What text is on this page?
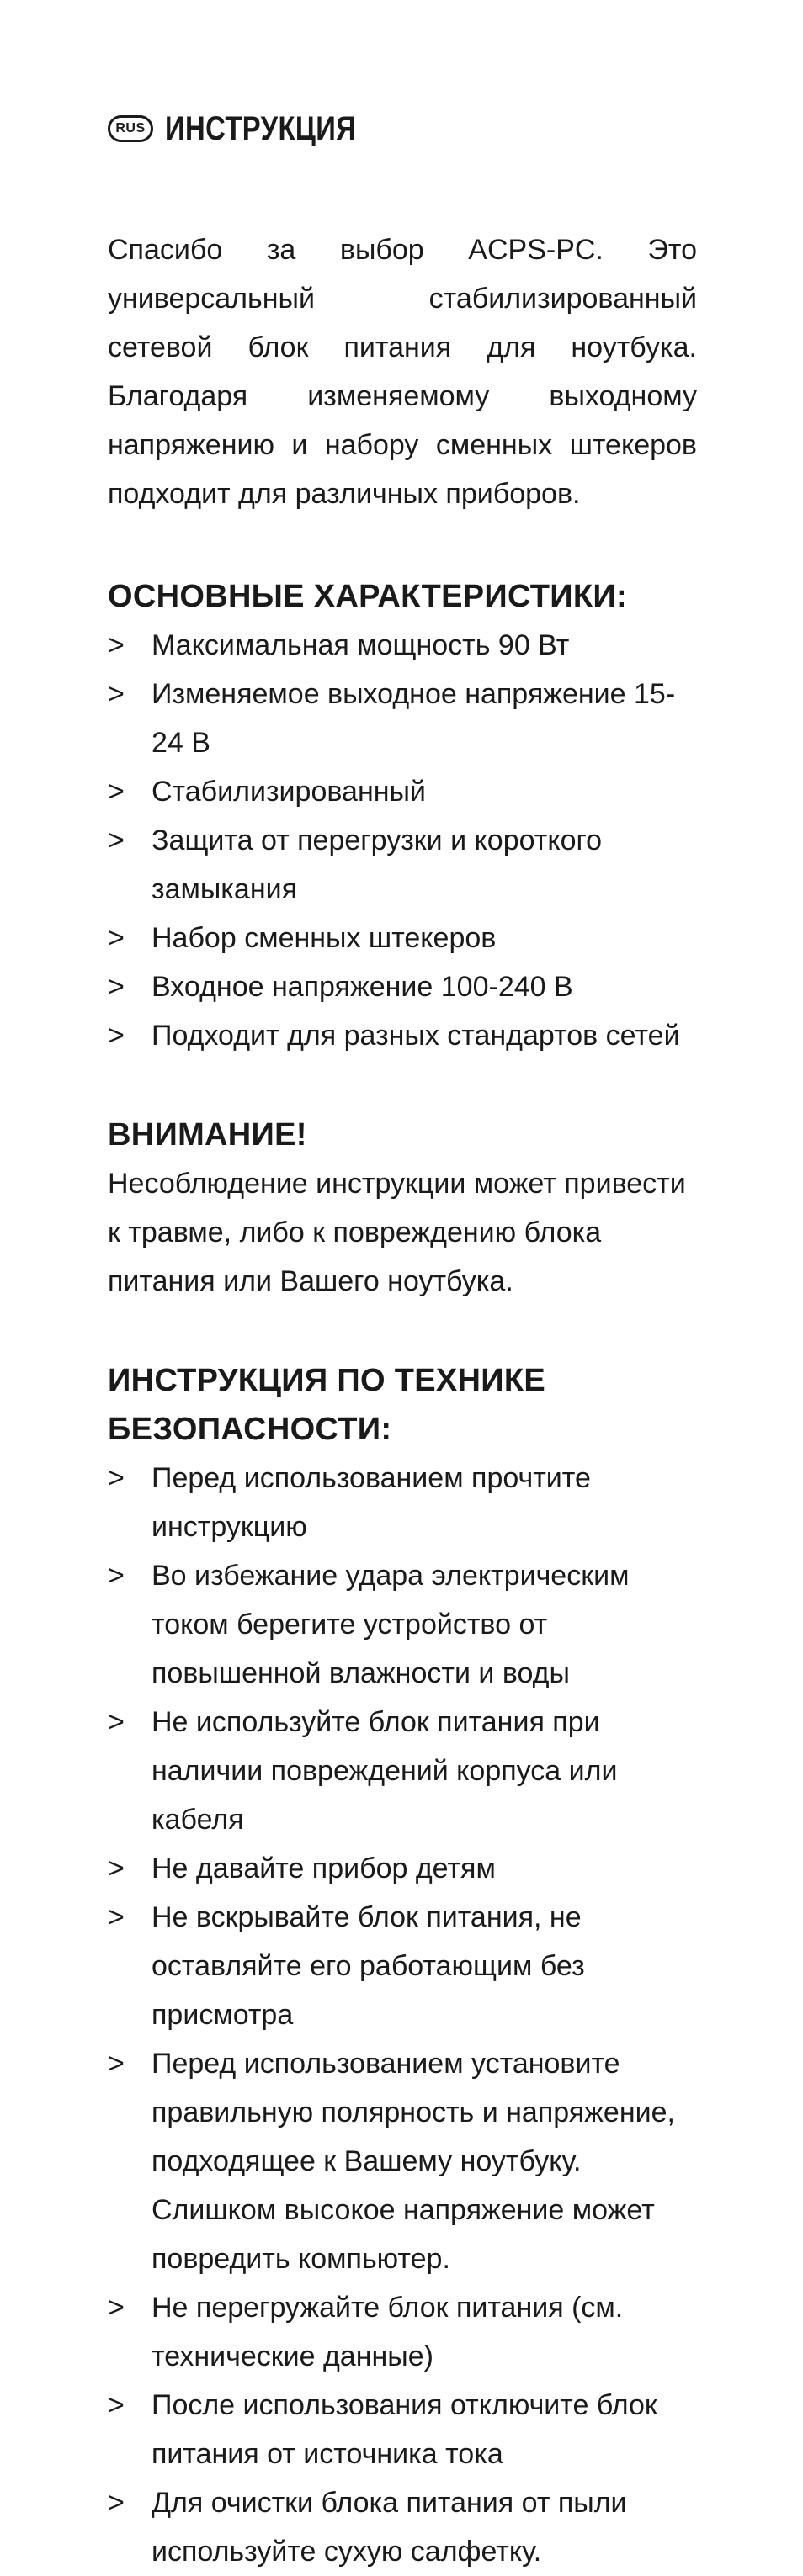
RUS ИНСТРУКЦИЯ

Спасибо за выбор ACPS-PC. Это универсальный стабилизированный сетевой блок питания для ноутбука. Благодаря изменяемому выходному напряжению и набору сменных штекеров подходит для различных приборов.

ОСНОВНЫЕ ХАРАКТЕРИСТИКИ:
> Максимальная мощность 90 Вт
> Изменяемое выходное напряжение 15-24 В
> Стабилизированный
> Защита от перегрузки и короткого замыкания
> Набор сменных штекеров
> Входное напряжение 100-240 В
> Подходит для разных стандартов сетей
ВНИМАНИЕ!
Несоблюдение инструкции может привести к травме, либо к повреждению блока питания или Вашего ноутбука.
ИНСТРУКЦИЯ ПО ТЕХНИКЕ
БЕЗОПАСНОСТИ:
> Перед использованием прочтите инструкцию
> Во избежание удара электрическим током берегите устройство от повышенной влажности и воды
> Не используйте блок питания при наличии повреждений корпуса или кабеля
> Не давайте прибор детям
> Не вскрывайте блок питания, не оставляйте его работающим без присмотра
> Перед использованием установите правильную полярность и напряжение, подходящее к Вашему ноутбуку. Слишком высокое напряжение может повредить компьютер.
> Не перегружайте блок питания (см. технические данные)
> После использования отключите блок питания от источника тока
> Для очистки блока питания от пыли используйте сухую салфетку.
